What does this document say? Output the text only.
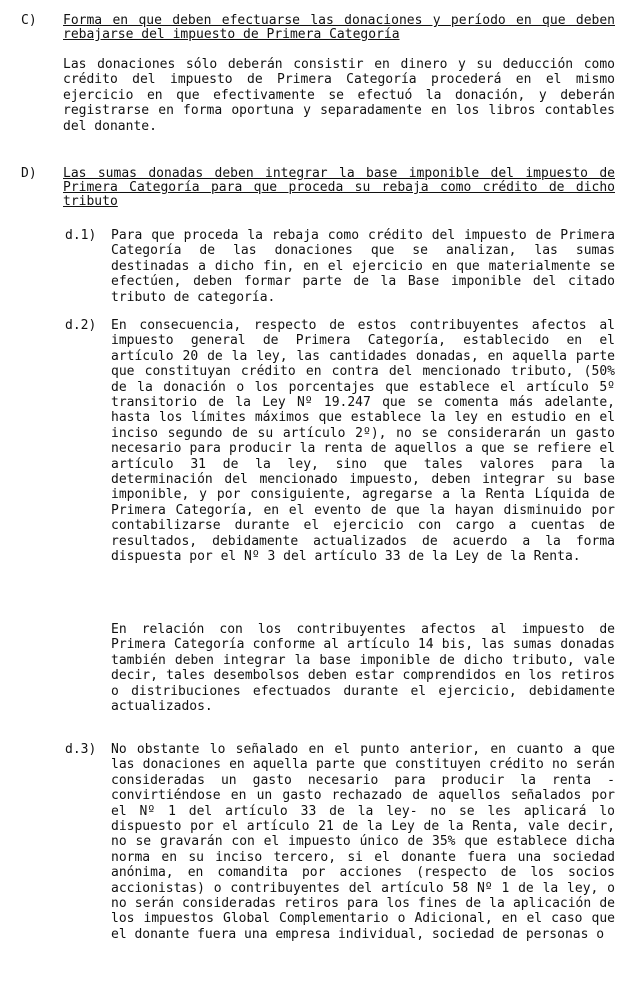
C) Forma en que deben efectuarse las donaciones y período en que deben rebajarse del impuesto de Primera Categoría

Las donaciones sólo deberán consistir en dinero y su deducción como crédito del impuesto de Primera Categoría procederá en el mismo ejercicio en que efectivamente se efectuó la donación, y deberán registrarse en forma oportuna y separadamente en los libros contables del donante.

D) Las sumas donadas deben integrar la base imponible del impuesto de Primera Categoría para que proceda su rebaja como crédito de dicho tributo

d.1) Para que proceda la rebaja como crédito del impuesto de Primera Categoría de las donaciones que se analizan, las sumas destinadas a dicho fin, en el ejercicio en que materialmente se efectúen, deben formar parte de la Base imponible del citado tributo de categoría.

d.2) En consecuencia, respecto de estos contribuyentes afectos al impuesto general de Primera Categoría, establecido en el artículo 20 de la ley, las cantidades donadas, en aquella parte que constituyan crédito en contra del mencionado tributo, (50% de la donación o los porcentajes que establece el artículo 5º transitorio de la Ley Nº 19.247 que se comenta más adelante, hasta los límites máximos que establece la ley en estudio en el inciso segundo de su artículo 2º), no se considerarán un gasto necesario para producir la renta de aquellos a que se refiere el artículo 31 de la ley, sino que tales valores para la determinación del mencionado impuesto, deben integrar su base imponible, y por consiguiente, agregarse a la Renta Líquida de Primera Categoría, en el evento de que la hayan disminuido por contabilizarse durante el ejercicio con cargo a cuentas de resultados, debidamente actualizados de acuerdo a la forma dispuesta por el Nº 3 del artículo 33 de la Ley de la Renta.

En relación con los contribuyentes afectos al impuesto de Primera Categoría conforme al artículo 14 bis, las sumas donadas también deben integrar la base imponible de dicho tributo, vale decir, tales desembolsos deben estar comprendidos en los retiros o distribuciones efectuados durante el ejercicio, debidamente actualizados.

d.3) No obstante lo señalado en el punto anterior, en cuanto a que las donaciones en aquella parte que constituyen crédito no serán consideradas un gasto necesario para producir la renta -convirtiéndose en un gasto rechazado de aquellos señalados por el Nº 1 del artículo 33 de la ley- no se les aplicará lo dispuesto por el artículo 21 de la Ley de la Renta, vale decir, no se gravarán con el impuesto único de 35% que establece dicha norma en su inciso tercero, si el donante fuera una sociedad anónima, en comandita por acciones (respecto de los socios accionistas) o contribuyentes del artículo 58 Nº 1 de la ley, o no serán consideradas retiros para los fines de la aplicación de los impuestos Global Complementario o Adicional, en el caso que el donante fuera una empresa individual, sociedad de personas o
